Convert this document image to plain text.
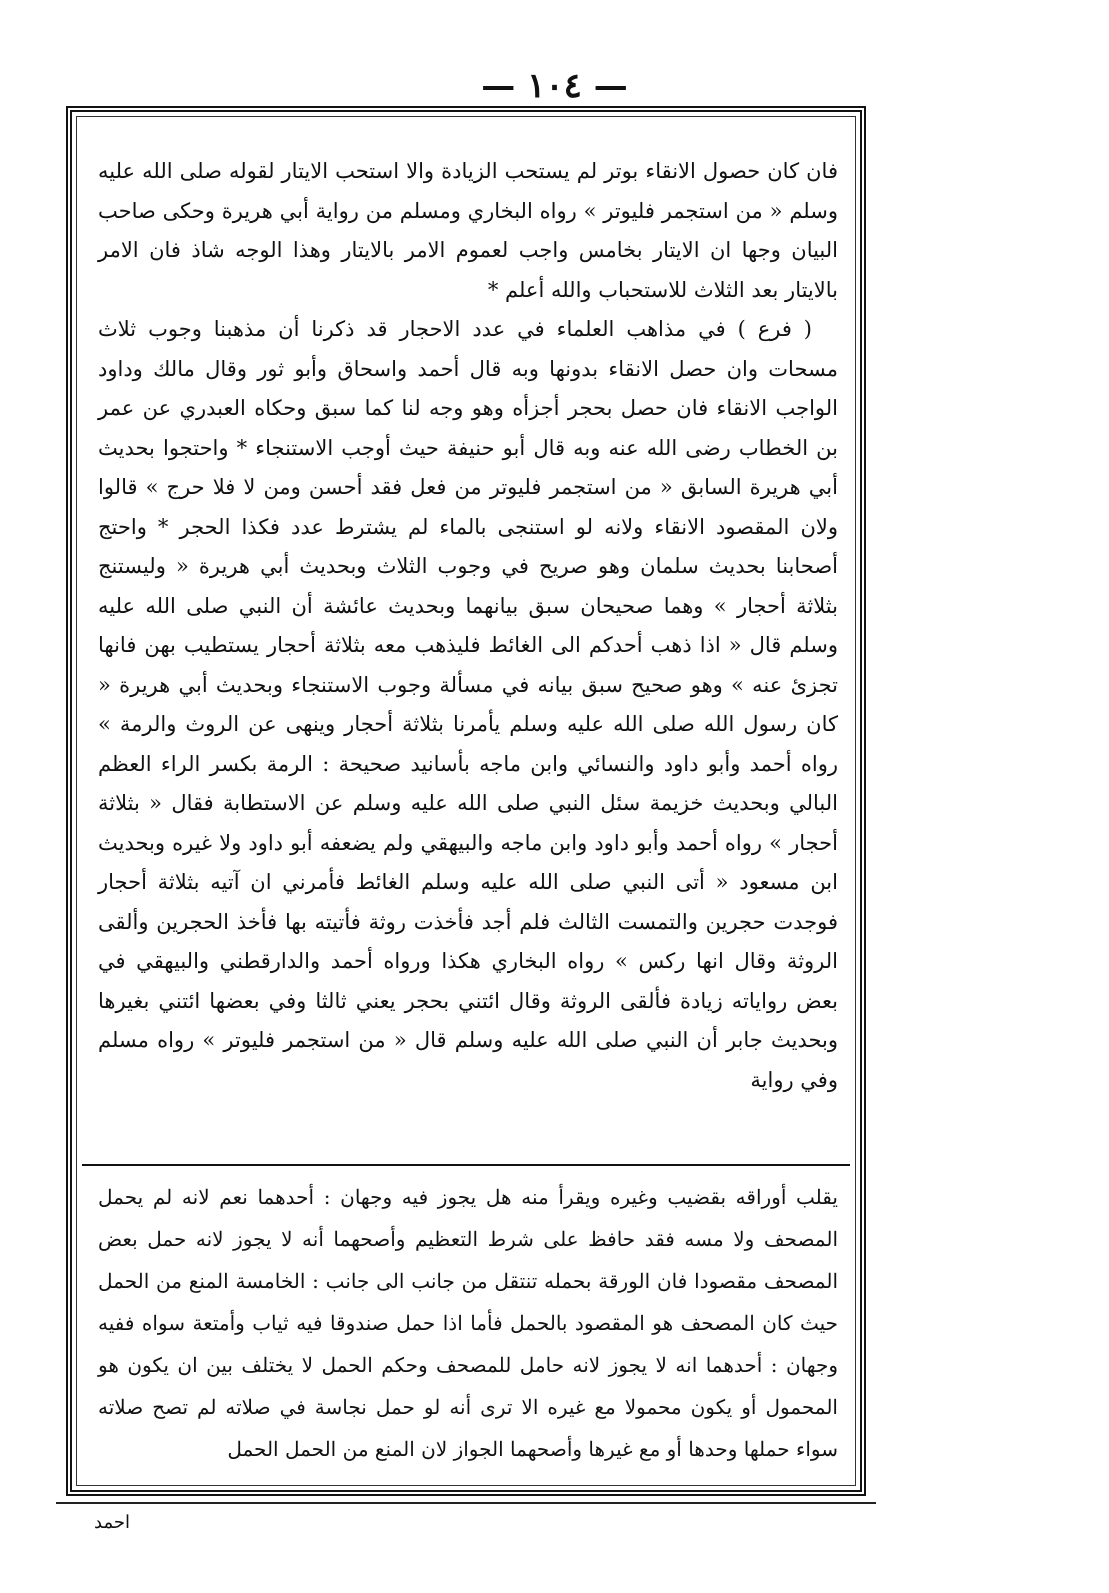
— ١٠٤ —

فان كان حصول الانقاء بوتر لم يستحب الزيادة والا استحب الايتار لقوله صلى الله عليه وسلم « من استجمر فليوتر » رواه البخاري ومسلم من رواية أبي هريرة وحكى صاحب البيان وجها ان الايتار بخامس واجب لعموم الامر بالايتار وهذا الوجه شاذ فان الامر بالايتار بعد الثلاث للاستحباب والله أعلم *

( فرع ) في مذاهب العلماء في عدد الاحجار قد ذكرنا أن مذهبنا وجوب ثلاث مسحات وان حصل الانقاء بدونها وبه قال أحمد واسحاق وأبو ثور وقال مالك وداود الواجب الانقاء فان حصل بحجر أجزأه وهو وجه لنا كما سبق وحكاه العبدري عن عمر بن الخطاب رضى الله عنه وبه قال أبو حنيفة حيث أوجب الاستنجاء * واحتجوا بحديث أبي هريرة السابق « من استجمر فليوتر من فعل فقد أحسن ومن لا فلا حرج » قالوا ولان المقصود الانقاء ولانه لو استنجى بالماء لم يشترط عدد فكذا الحجر * واحتج أصحابنا بحديث سلمان وهو صريح في وجوب الثلاث وبحديث أبي هريرة « وليستنج بثلاثة أحجار » وهما صحيحان سبق بيانهما وبحديث عائشة أن النبي صلى الله عليه وسلم قال « اذا ذهب أحدكم الى الغائط فليذهب معه بثلاثة أحجار يستطيب بهن فانها تجزئ عنه » وهو صحيح سبق بيانه في مسألة وجوب الاستنجاء وبحديث أبي هريرة « كان رسول الله صلى الله عليه وسلم يأمرنا بثلاثة أحجار وينهى عن الروث والرمة » رواه أحمد وأبو داود والنسائي وابن ماجه بأسانيد صحيحة : الرمة بكسر الراء العظم البالي وبحديث خزيمة سئل النبي صلى الله عليه وسلم عن الاستطابة فقال « بثلاثة أحجار » رواه أحمد وأبو داود وابن ماجه والبيهقي ولم يضعفه أبو داود ولا غيره وبحديث ابن مسعود « أتى النبي صلى الله عليه وسلم الغائط فأمرني ان آتيه بثلاثة أحجار فوجدت حجرين والتمست الثالث فلم أجد فأخذت روثة فأتيته بها فأخذ الحجرين وألقى الروثة وقال انها ركس » رواه البخاري هكذا ورواه أحمد والدارقطني والبيهقي في بعض رواياته زيادة فألقى الروثة وقال ائتني بحجر يعني ثالثا وفي بعضها ائتني بغيرها وبحديث جابر أن النبي صلى الله عليه وسلم قال « من استجمر فليوتر » رواه مسلم وفي رواية

يقلب أوراقه بقضيب وغيره ويقرأ منه هل يجوز فيه وجهان : أحدهما نعم لانه لم يحمل المصحف ولا مسه فقد حافظ على شرط التعظيم وأصحهما أنه لا يجوز لانه حمل بعض المصحف مقصودا فان الورقة بحمله تنتقل من جانب الى جانب : الخامسة المنع من الحمل حيث كان المصحف هو المقصود بالحمل فأما اذا حمل صندوقا فيه ثياب وأمتعة سواه ففيه وجهان : أحدهما انه لا يجوز لانه حامل للمصحف وحكم الحمل لا يختلف بين ان يكون هو المحمول أو يكون محمولا مع غيره الا ترى أنه لو حمل نجاسة في صلاته لم تصح صلاته سواء حملها وحدها أو مع غيرها وأصحهما الجواز لان المنع من الحمل الحمل

احمد
